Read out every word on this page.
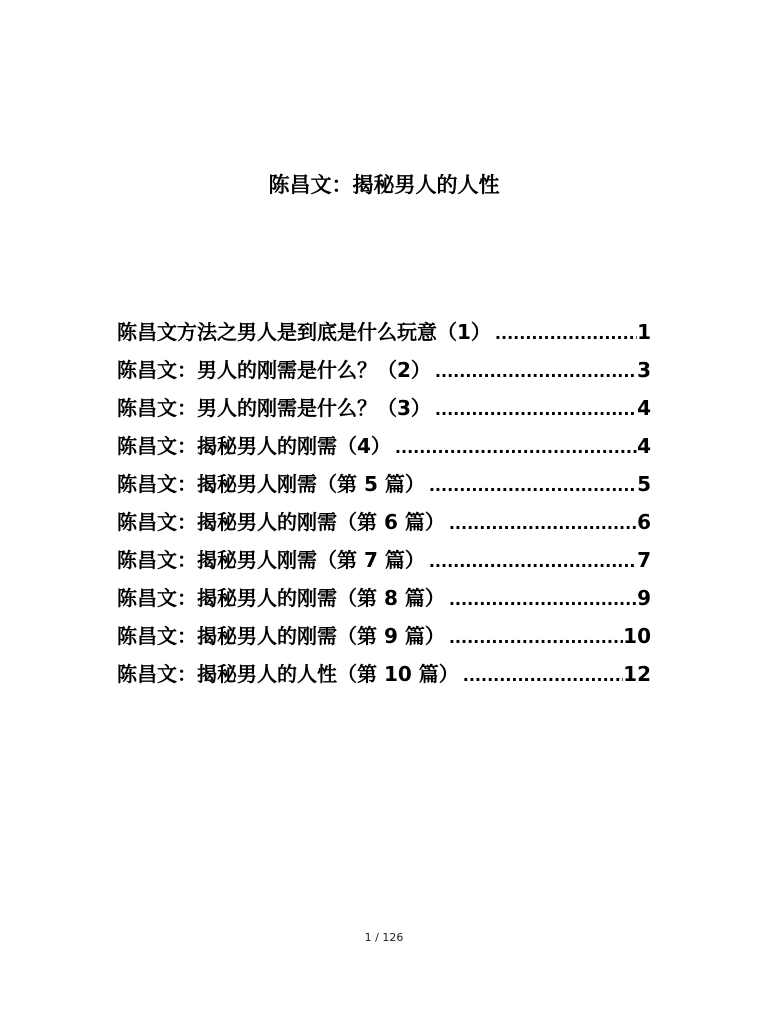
陈昌文：揭秘男人的人性
陈昌文方法之男人是到底是什么玩意（1） .....	1
陈昌文：男人的刚需是什么？（2） .....	3
陈昌文：男人的刚需是什么？（3） .....	4
陈昌文：揭秘男人的刚需（4） .....	4
陈昌文：揭秘男人刚需（第 5 篇） .....	5
陈昌文：揭秘男人的刚需（第 6 篇） .....	6
陈昌文：揭秘男人刚需（第 7 篇） .....	7
陈昌文：揭秘男人的刚需（第 8 篇） .....	9
陈昌文：揭秘男人的刚需（第 9 篇） .....	10
陈昌文：揭秘男人的人性（第 10 篇） .....	12
1 / 126
